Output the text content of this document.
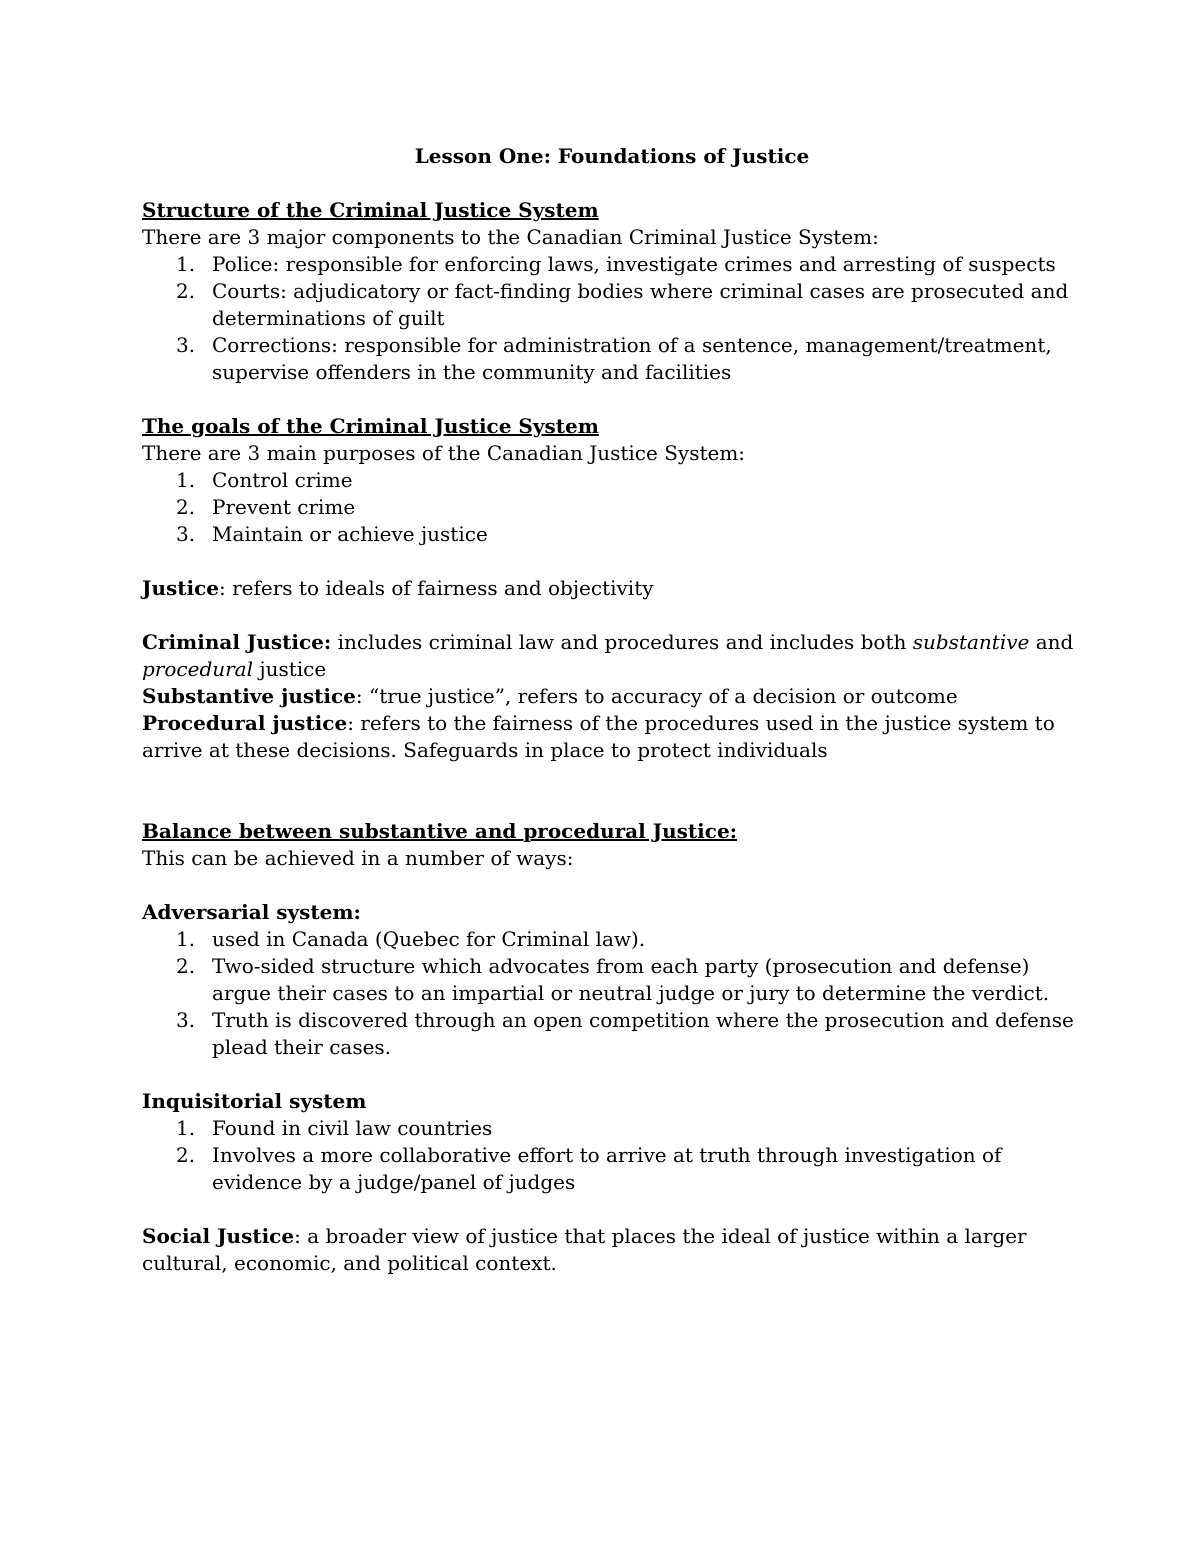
Lesson One: Foundations of Justice

Structure of the Criminal Justice System

There are 3 major components to the Canadian Criminal Justice System:

1. Police: responsible for enforcing laws, investigate crimes and arresting of suspects
2. Courts: adjudicatory or fact-finding bodies where criminal cases are prosecuted and determinations of guilt
3. Corrections: responsible for administration of a sentence, management/treatment, supervise offenders in the community and facilities

The goals of the Criminal Justice System

There are 3 main purposes of the Canadian Justice System:

1. Control crime
2. Prevent crime
3. Maintain or achieve justice

Justice: refers to ideals of fairness and objectivity

Criminal Justice: includes criminal law and procedures and includes both substantive and procedural justice

Substantive justice: “true justice”, refers to accuracy of a decision or outcome

Procedural justice: refers to the fairness of the procedures used in the justice system to arrive at these decisions. Safeguards in place to protect individuals

Balance between substantive and procedural Justice:

This can be achieved in a number of ways:

Adversarial system:

1. used in Canada (Quebec for Criminal law).
2. Two-sided structure which advocates from each party (prosecution and defense) argue their cases to an impartial or neutral judge or jury to determine the verdict.
3. Truth is discovered through an open competition where the prosecution and defense plead their cases.

Inquisitorial system

1. Found in civil law countries
2. Involves a more collaborative effort to arrive at truth through investigation of evidence by a judge/panel of judges

Social Justice: a broader view of justice that places the ideal of justice within a larger cultural, economic, and political context.
